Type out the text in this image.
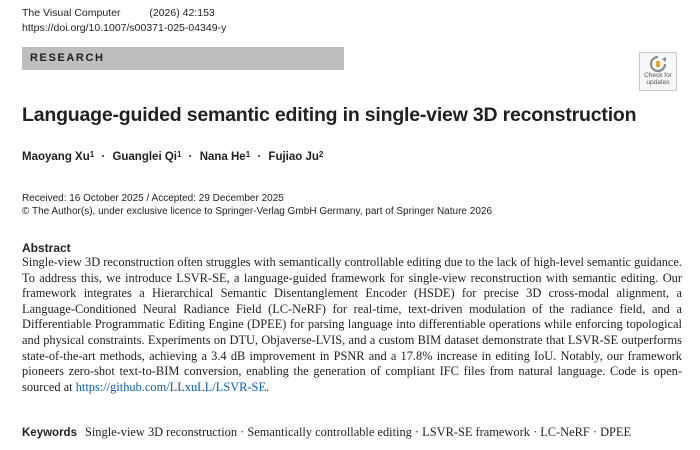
The Visual Computer	(2026) 42:153
https://doi.org/10.1007/s00371-025-04349-y
RESEARCH
Check for
updates
Language-guided semantic editing in single-view 3D reconstruction
Maoyang $Xu^1$ · Guanglei $Qi^1$ · Nana $He^1$ · Fujiao Ju$^2$
Received: 16 October 2025 / Accepted: 29 December 2025
© The Author(s), under exclusive licence to Springer-Verlag GmbH Germany, part of Springer Nature 2026
Abstract
Single-view 3D reconstruction often struggles with semantically controllable editing due to the lack of high-level semantic guidance. To address this, we introduce LSVR-SE, a language-guided framework for single-view reconstruction with semantic editing. Our framework integrates a Hierarchical Semantic Disentanglement Encoder (HSDE) for precise 3D cross-modal alignment, a Language-Conditioned Neural Radiance Field (LC-NeRF) for real-time, text-driven modulation of the radiance field, and a Differentiable Programmatic Editing Engine (DPEE) for parsing language into differentiable operations while enforcing topological and physical constraints. Experiments on DTU, Objaverse-LVIS, and a custom BIM dataset demonstrate that LSVR-SE outperforms state-of-the-art methods, achieving a 3.4 dB improvement in PSNR and a 17.8% increase in editing IoU. Notably, our framework pioneers zero-shot text-to-BIM conversion, enabling the generation of compliant IFC files from natural language. Code is open-sourced at https://github.com/LLxuLL/LSVR-SE.
Keywords Single-view 3D reconstruction · Semantically controllable editing · LSVR-SE framework · LC-NeRF · DPEE
